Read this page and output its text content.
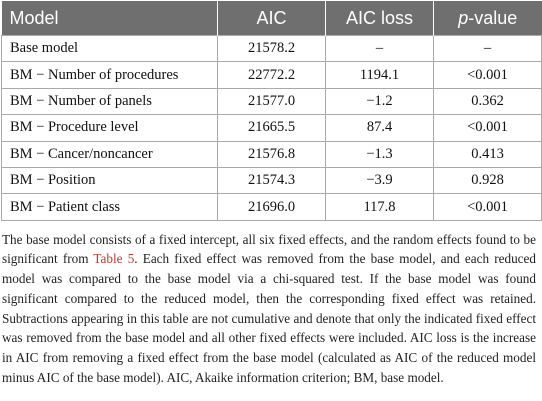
Model	AIC	AIC loss	p-value
Base model	21578.2	–	–
BM − Number of procedures	22772.2	1194.1	<0.001
BM − Number of panels	21577.0	−1.2	0.362
BM − Procedure level	21665.5	87.4	<0.001
BM − Cancer/noncancer	21576.8	−1.3	0.413
BM − Position	21574.3	−3.9	0.928
BM − Patient class	21696.0	117.8	<0.001

The base model consists of a fixed intercept, all six fixed effects, and the random effects found to be significant from Table 5. Each fixed effect was removed from the base model, and each reduced model was compared to the base model via a chi-squared test. If the base model was found significant compared to the reduced model, then the corresponding fixed effect was retained. Subtractions appearing in this table are not cumulative and denote that only the indicated fixed effect was removed from the base model and all other fixed effects were included. AIC loss is the increase in AIC from removing a fixed effect from the base model (calculated as AIC of the reduced model minus AIC of the base model). AIC, Akaike information criterion; BM, base model.
